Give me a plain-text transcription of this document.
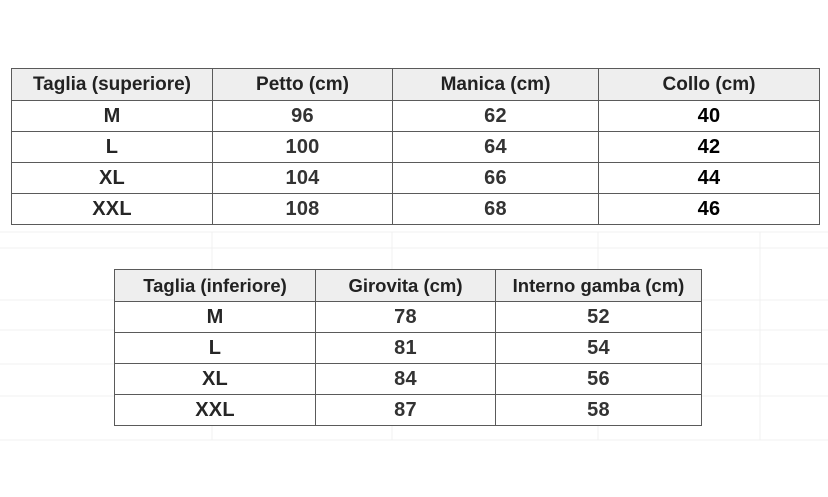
Taglia (superiore)	Petto (cm)	Manica (cm)	Collo (cm)
M	96	62	40
L	100	64	42
XL	104	66	44
XXL	108	68	46
Taglia (inferiore)	Girovita (cm)	Interno gamba (cm)
M	78	52
L	81	54
XL	84	56
XXL	87	58
